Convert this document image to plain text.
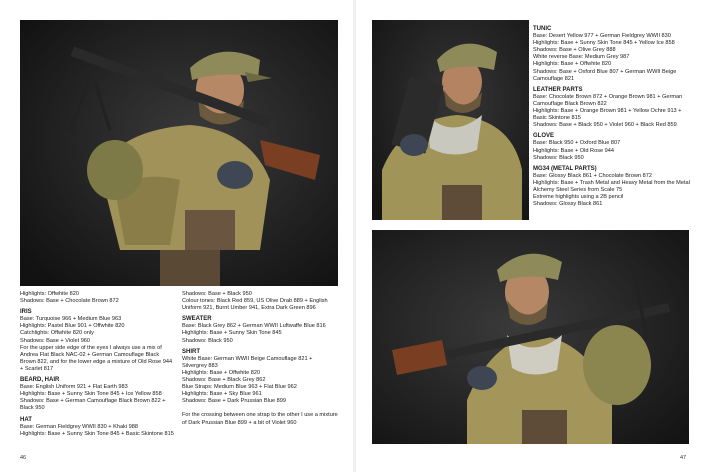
Highlights: Offwhite 820

Shadows: Base + Chocolate Brown 872

IRIS

Base: Turquoise 966 + Medium Blue 963

Highlights: Pastel Blue 901 + Offwhite 820

Catchlights: Offwhite 820 only

Shadows: Base + Violet 960

For the upper side edge of the eyes I always use a mix of Andrea Flat Black NAC-02 + German Camouflage Black Brown 822, and for the lower edge a mixture of Old Rose 944 + Scarlet 817

BEARD, HAIR

Base: English Uniform 921 + Flat Earth 983

Highlights: Base + Sunny Skin Tone 845 + Ice Yellow 858

Shadows: Base + German Camouflage Black Brown 822 + Black 950

HAT

Base: German Fieldgrey WWII 830 + Khaki 988

Highlights: Base + Sunny Skin Tone 845 + Basic Skintone 815

Shadows: Base + Black 950

Colour tones: Black Red 859, US Olive Drab 889 + English Uniform 921, Burnt Umber 941, Extra Dark Green 896

SWEATER

Base: Black Grey 862 + German WWII Luftwaffe Blue 816

Highlights: Base + Sunny Skin Tone 845

Shadows: Black 950

SHIRT

White Base: German WWII Beige Camouflage 821 + Silvergrey 883

Highlights: Base + Offwhite 820

Shadows: Base + Black Grey 862

Blue Straps: Medium Blue 963 + Flat Blue 962

Highlights: Base + Sky Blue 961

Shadows: Base + Dark Prussian Blue 899

For the crossing between one strap to the other I use a mixture of Dark Prussian Blue 899 + a bit of Violet 960

TUNIC

Base: Desert Yellow 977 + German Fieldgrey WWII 830

Highlights: Base + Sunny Skin Tone 845 + Yellow Ice 858

Shadows: Base + Olive Grey 888

White reverse Base: Medium Grey 987

Highlights: Base + Offwhite 820

Shadows: Base + Oxford Blue 807 + German WWII Beige Camouflage 821

LEATHER PARTS

Base: Chocolate Brown 872 + Orange Brown 981 + German Camouflage Black Brown 822

Highlights: Base + Orange Brown 981 + Yellow Ochre 913 + Basic Skintone 815

Shadows: Base + Black 950 + Violet 960 + Black Red 859

GLOVE

Base: Black 950 + Oxford Blue 807

Highlights: Base + Old Rose 944

Shadows: Black 950

MG34 (METAL PARTS)

Base: Glossy Black 861 + Chocolate Brown 872

Highlights: Base + Trash Metal and Heavy Metal from the Metal Alchemy Steel Series from Scale 75

Extreme highlights using a 2B pencil

Shadows: Glossy Black 861

46	47
